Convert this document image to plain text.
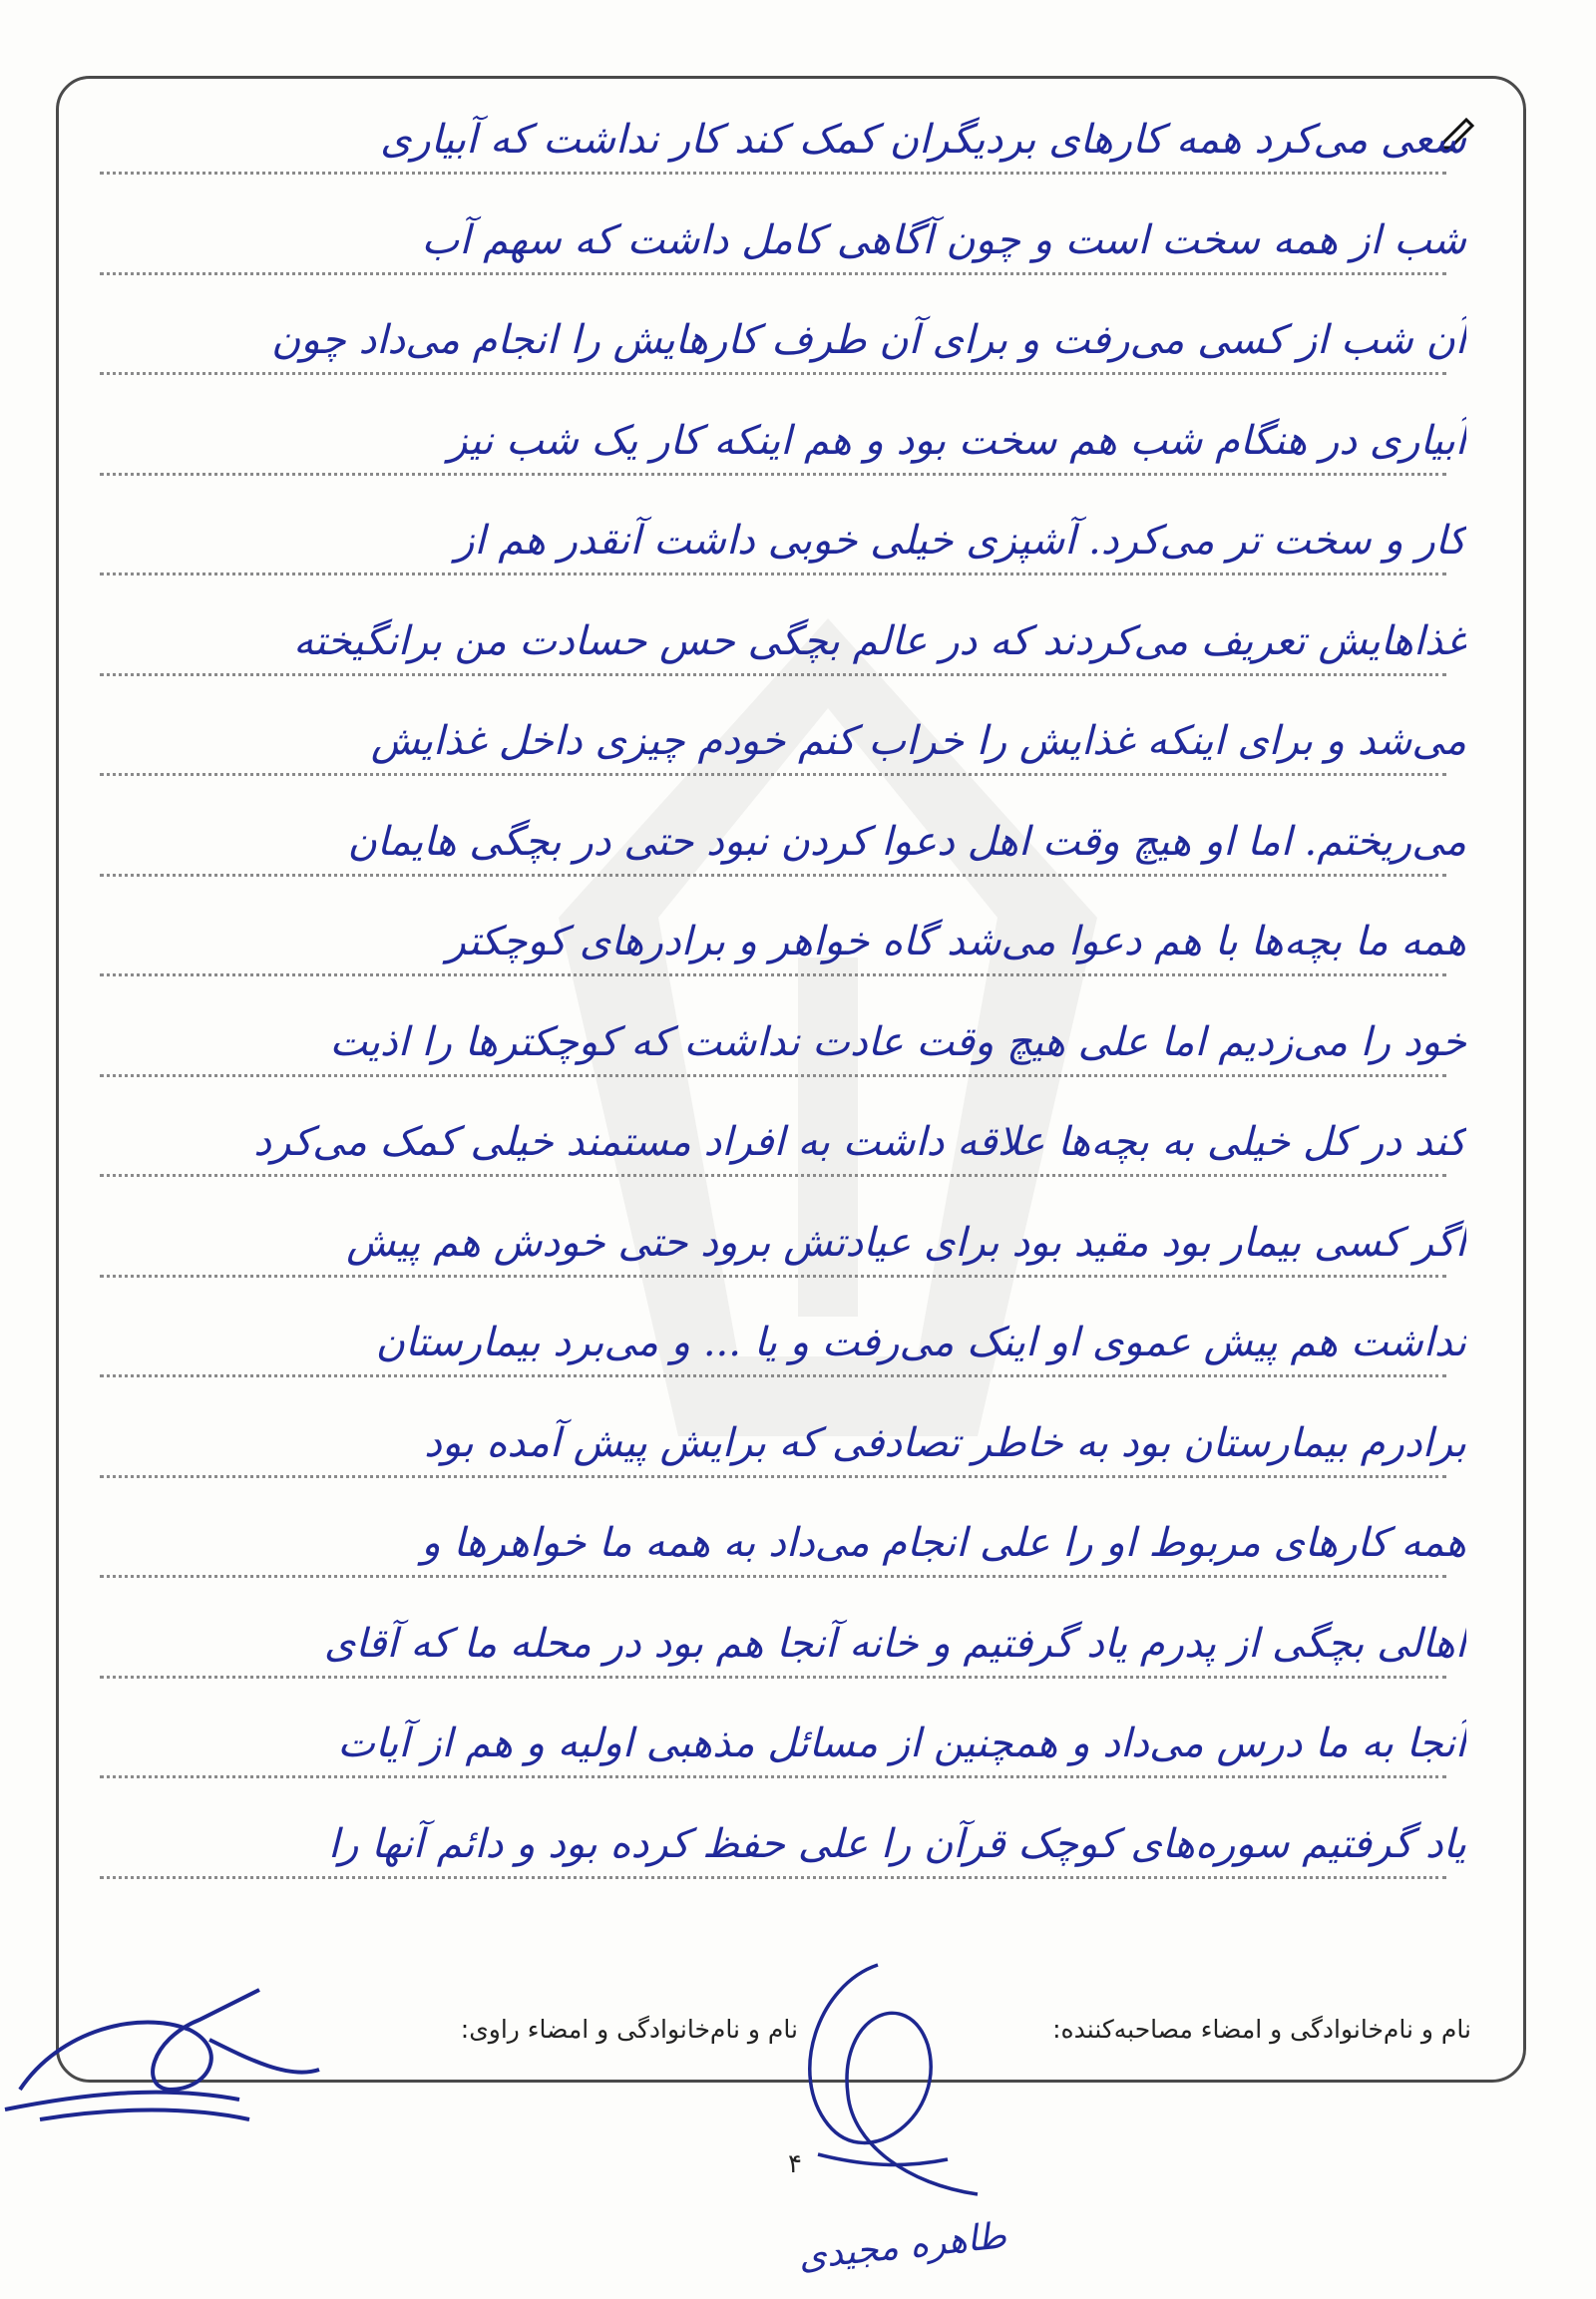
سعی می‌کرد همه کارهای بردیگران کمک کند کار نداشت که آبیاری
شب از همه سخت است و چون آگاهی کامل داشت که سهم آب
آن شب از کسی می‌رفت و برای آن طرف کارهایش را انجام می‌داد چون
آبیاری در هنگام شب هم سخت بود و هم اینکه کار یک شب نیز
کار و سخت تر می‌کرد. آشپزی خیلی خوبی داشت آنقدر هم از
غذاهایش تعریف می‌کردند که در عالم بچگی حس حسادت من برانگیخته
می‌شد و برای اینکه غذایش را خراب کنم خودم چیزی داخل غذایش
می‌ریختم. اما او هیچ وقت اهل دعوا کردن نبود حتی در بچگی هایمان
همه ما بچه‌ها با هم دعوا می‌شد گاه خواهر و برادرهای کوچکتر
خود را می‌زدیم اما علی هیچ وقت عادت نداشت که کوچکترها را اذیت
کند در کل خیلی به بچه‌ها علاقه داشت به افراد مستمند خیلی کمک می‌کرد
اگر کسی بیمار بود مقید بود برای عیادتش برود حتی خودش هم پیش
نداشت هم پیش عموی او اینک می‌رفت و یا ... و می‌برد بیمارستان
برادرم بیمارستان بود به خاطر تصادفی که برایش پیش آمده بود
همه کارهای مربوط او را علی انجام می‌داد به همه ما خواهرها و
اهالی بچگی از پدرم یاد گرفتیم و خانه آنجا هم بود در محله ما که آقای
آنجا به ما درس می‌داد و همچنین از مسائل مذهبی اولیه و هم از آیات
یاد گرفتیم سوره‌های کوچک قرآن را علی حفظ کرده بود و دائم آنها را
نام و نام‌خانوادگی و امضاء مصاحبه‌کننده:
نام و نام‌خانوادگی و امضاء راوی:
۴
طاهره مجیدی
